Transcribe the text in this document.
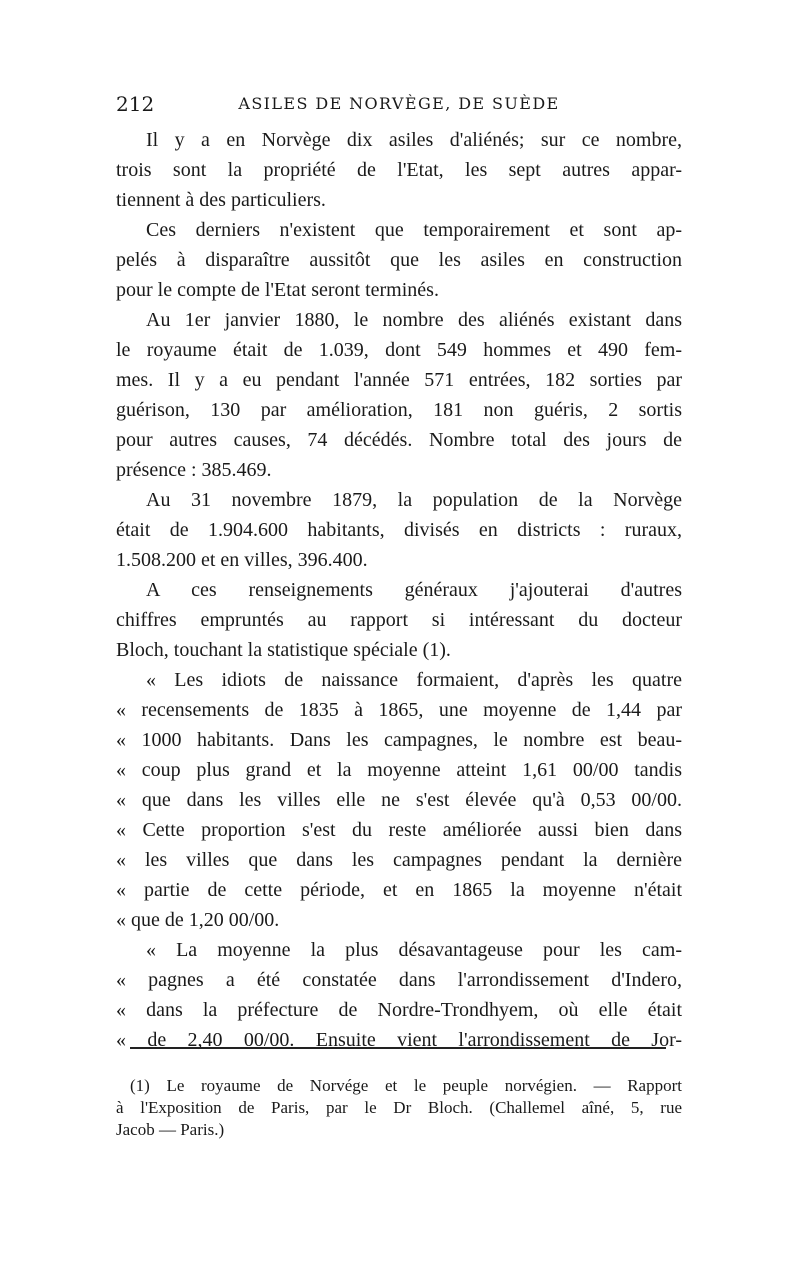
212	ASILES DE NORVÈGE, DE SUÈDE
Il y a en Norvège dix asiles d'aliénés; sur ce nombre,
trois sont la propriété de l'Etat, les sept autres appar-
tiennent à des particuliers.
Ces derniers n'existent que temporairement et sont ap-
pelés à disparaître aussitôt que les asiles en construction
pour le compte de l'Etat seront terminés.
Au 1er janvier 1880, le nombre des aliénés existant dans
le royaume était de 1.039, dont 549 hommes et 490 fem-
mes. Il y a eu pendant l'année 571 entrées, 182 sorties par
guérison, 130 par amélioration, 181 non guéris, 2 sortis
pour autres causes, 74 décédés. Nombre total des jours de
présence : 385.469.
Au 31 novembre 1879, la population de la Norvège
était de 1.904.600 habitants, divisés en districts : ruraux,
1.508.200 et en villes, 396.400.
A ces renseignements généraux j'ajouterai d'autres
chiffres empruntés au rapport si intéressant du docteur
Bloch, touchant la statistique spéciale (1).
« Les idiots de naissance formaient, d'après les quatre
« recensements de 1835 à 1865, une moyenne de 1,44 par
« 1000 habitants. Dans les campagnes, le nombre est beau-
« coup plus grand et la moyenne atteint 1,61 00/00 tandis
« que dans les villes elle ne s'est élevée qu'à 0,53 00/00.
« Cette proportion s'est du reste améliorée aussi bien dans
« les villes que dans les campagnes pendant la dernière
« partie de cette période, et en 1865 la moyenne n'était
« que de 1,20 00/00.
« La moyenne la plus désavantageuse pour les cam-
« pagnes a été constatée dans l'arrondissement d'Indero,
« dans la préfecture de Nordre-Trondhyem, où elle était
« de 2,40 00/00. Ensuite vient l'arrondissement de Jor-
(1) Le royaume de Norvége et le peuple norvégien. — Rapport
à l'Exposition de Paris, par le Dr Bloch. (Challemel aîné, 5, rue
Jacob — Paris.)
